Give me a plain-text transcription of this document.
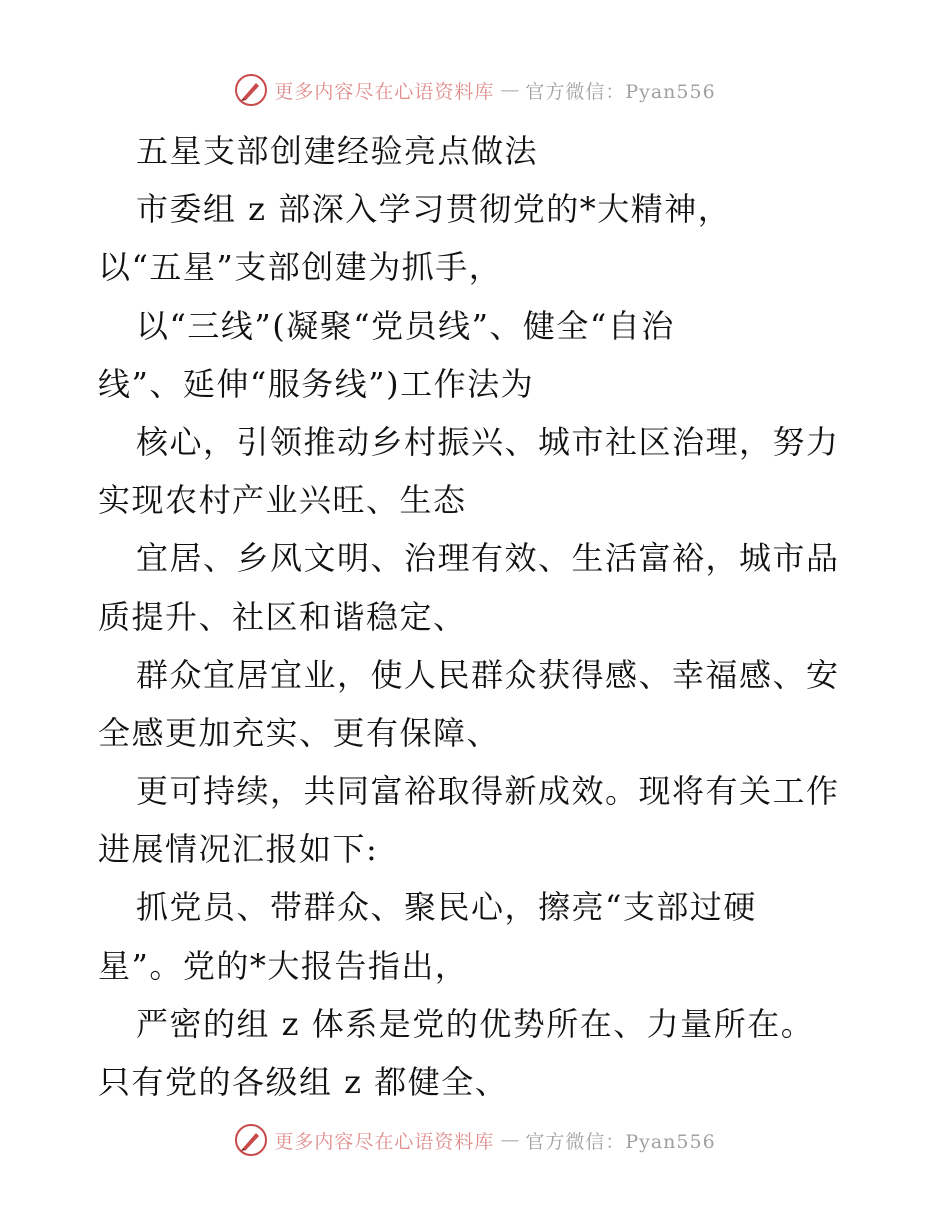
更多内容尽在心语资料库 — 官方微信：Pyan556
五星支部创建经验亮点做法
市委组 z 部深入学习贯彻党的*大精神，
以“五星”支部创建为抓手，
以“三线”(凝聚“党员线”、健全“自治
线”、延伸“服务线”)工作法为
核心，引领推动乡村振兴、城市社区治理，努力
实现农村产业兴旺、生态
宜居、乡风文明、治理有效、生活富裕，城市品
质提升、社区和谐稳定、
群众宜居宜业，使人民群众获得感、幸福感、安
全感更加充实、更有保障、
更可持续，共同富裕取得新成效。现将有关工作
进展情况汇报如下:
抓党员、带群众、聚民心，擦亮“支部过硬
星”。党的*大报告指出，
严密的组 z 体系是党的优势所在、力量所在。
只有党的各级组 z 都健全、
更多内容尽在心语资料库 — 官方微信：Pyan556
